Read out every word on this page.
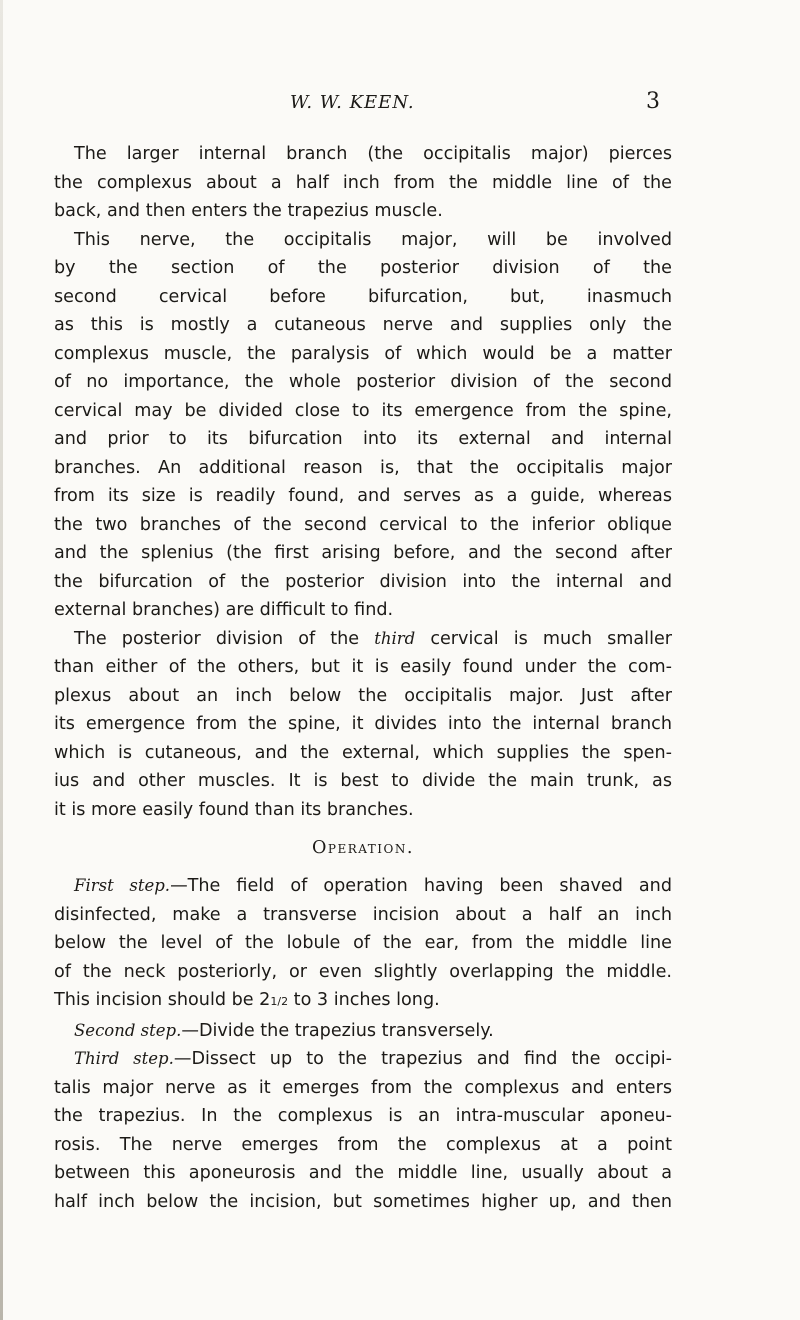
W. W. KEEN.	3

The larger internal branch (the occipitalis major) pierces
the complexus about a half inch from the middle line of the
back, and then enters the trapezius muscle.

This nerve, the occipitalis major, will be involved
by the section of the posterior division of the
second cervical before bifurcation, but, inasmuch
as this is mostly a cutaneous nerve and supplies only the
complexus muscle, the paralysis of which would be a matter
of no importance, the whole posterior division of the second
cervical may be divided close to its emergence from the spine,
and prior to its bifurcation into its external and internal
branches. An additional reason is, that the occipitalis major
from its size is readily found, and serves as a guide, whereas
the two branches of the second cervical to the inferior oblique
and the splenius (the first arising before, and the second after
the bifurcation of the posterior division into the internal and
external branches) are difficult to find.

The posterior division of the third cervical is much smaller
than either of the others, but it is easily found under the com-
plexus about an inch below the occipitalis major. Just after
its emergence from the spine, it divides into the internal branch
which is cutaneous, and the external, which supplies the spen-
ius and other muscles. It is best to divide the main trunk, as
it is more easily found than its branches.

Operation.

First step.—The field of operation having been shaved and
disinfected, make a transverse incision about a half an inch
below the level of the lobule of the ear, from the middle line
of the neck posteriorly, or even slightly overlapping the middle.
This incision should be 21/2 to 3 inches long.

Second step.—Divide the trapezius transversely.

Third step.—Dissect up to the trapezius and find the occipi-
talis major nerve as it emerges from the complexus and enters
the trapezius. In the complexus is an intra-muscular aponeu-
rosis. The nerve emerges from the complexus at a point
between this aponeurosis and the middle line, usually about a
half inch below the incision, but sometimes higher up, and then
